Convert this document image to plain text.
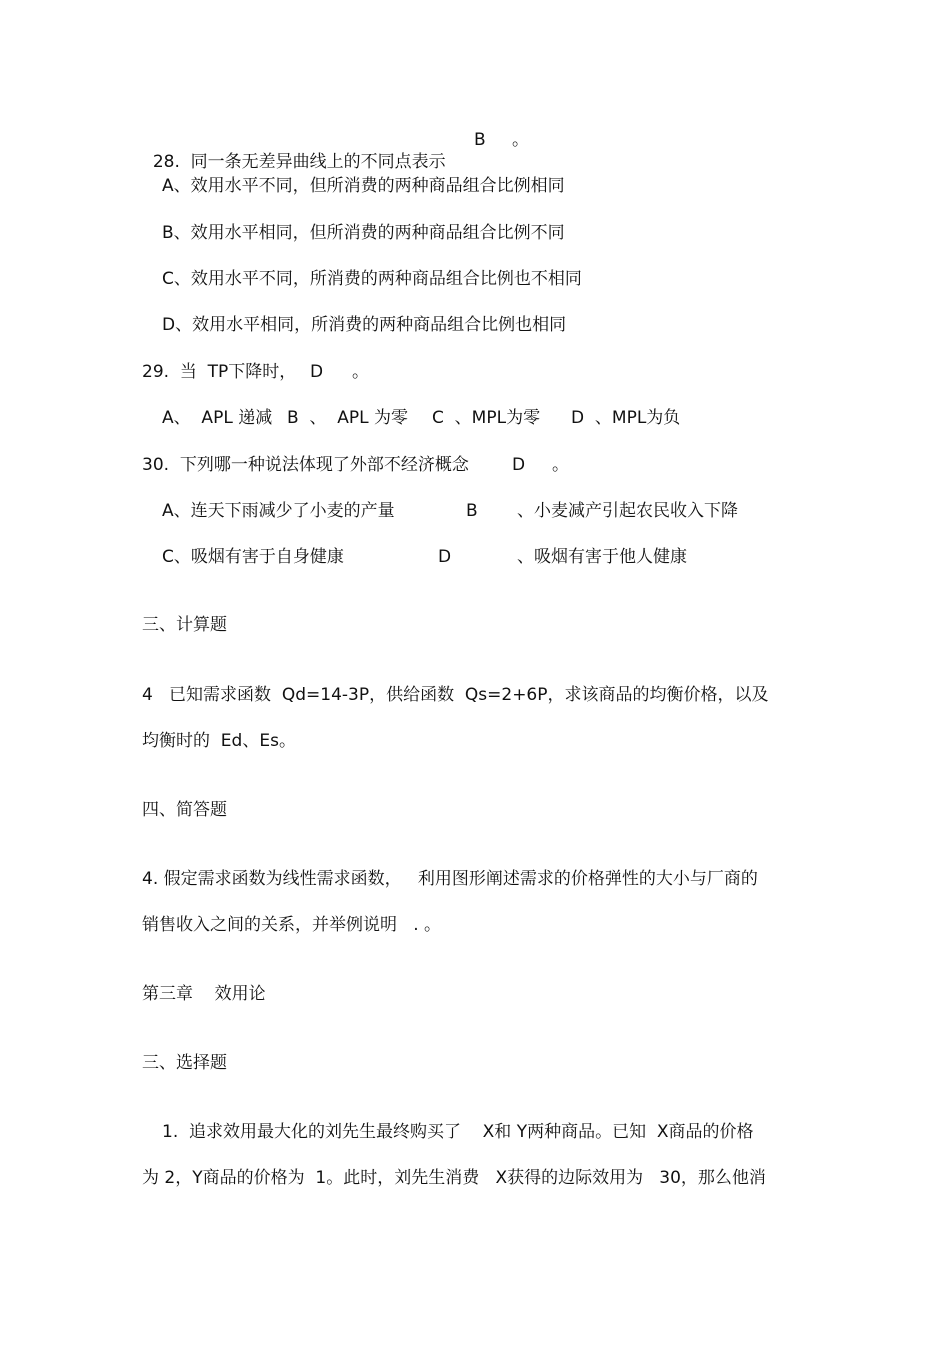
28.  同一条无差异曲线上的不同点表示

B 。
A、效用水平不同，但所消费的两种商品组合比例相同
B、效用水平相同，但所消费的两种商品组合比例不同
C、效用水平不同，所消费的两种商品组合比例也不相同
D、效用水平相同，所消费的两种商品组合比例也相同
29.  当  TP下降时， D 。
A、  APL 递减 B  、  APL 为零 C  、MPL为零 D  、MPL为负
30.  下列哪一种说法体现了外部不经济概念	D 。
A、连天下雨减少了小麦的产量	B 、小麦减产引起农民收入下降
C、吸烟有害于自身健康	D	、吸烟有害于他人健康
三、计算题
4   已知需求函数  Qd=14-3P，供给函数  Qs=2+6P，求该商品的均衡价格，以及
均衡时的  Ed、Es。
四、简答题
4. 假定需求函数为线性需求函数，   利用图形阐述需求的价格弹性的大小与厂商的
销售收入之间的关系，并举例说明   . 。
第三章    效用论
三、选择题
1.  追求效用最大化的刘先生最终购买了    X和 Y两种商品。已知  X商品的价格
为 2，Y商品的价格为  1。此时，刘先生消费   X获得的边际效用为   30，那么他消
